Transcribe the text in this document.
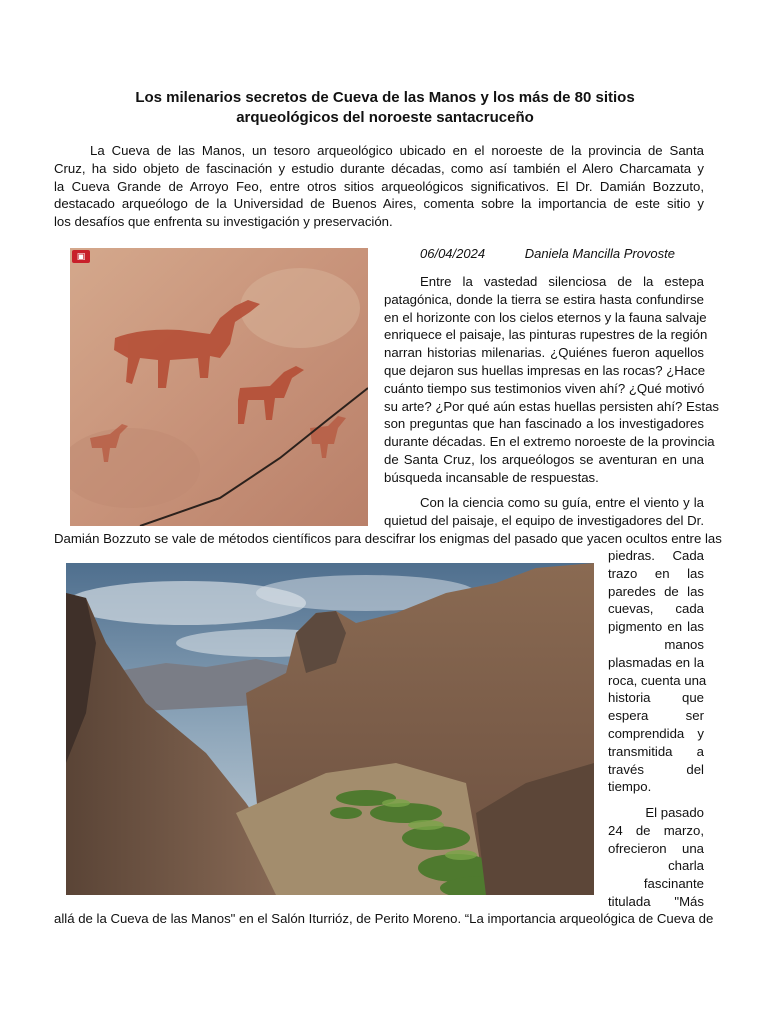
Los milenarios secretos de Cueva de las Manos y los más de 80 sitios
arqueológicos del noroeste santacruceño
La Cueva de las Manos, un tesoro arqueológico ubicado en el noroeste de la provincia de Santa
Cruz, ha sido objeto de fascinación y estudio durante décadas, como así también el Alero Charcamata y
la Cueva Grande de Arroyo Feo, entre otros sitios arqueológicos significativos. El Dr. Damián Bozzuto,
destacado arqueólogo de la Universidad de Buenos Aires, comenta sobre la importancia de este sitio y
los desafíos que enfrenta su investigación y preservación.
▣	06/04/2024	Daniela Mancilla Provoste
Entre la vastedad silenciosa de la estepa
patagónica, donde la tierra se estira hasta confundirse
en el horizonte con los cielos eternos y la fauna salvaje
enriquece el paisaje, las pinturas rupestres de la región
narran historias milenarias. ¿Quiénes fueron aquellos
que dejaron sus huellas impresas en las rocas? ¿Hace
cuánto tiempo sus testimonios viven ahí? ¿Qué motivó
su arte? ¿Por qué aún estas huellas persisten ahí? Estas
son preguntas que han fascinado a los investigadores
durante décadas. En el extremo noroeste de la provincia
de Santa Cruz, los arqueólogos se aventuran en una
búsqueda incansable de respuestas.
Con la ciencia como su guía, entre el viento y la
quietud del paisaje, el equipo de investigadores del Dr.
Damián Bozzuto se vale de métodos científicos para descifrar los enigmas del pasado que yacen ocultos entre las
piedras. Cada
trazo en las
paredes de las
cuevas, cada
pigmento en las
manos
plasmadas en la
roca, cuenta una
historia que
espera ser
comprendida y
transmitida a
través del
tiempo.
El pasado
24 de marzo,
ofrecieron una
charla
fascinante
titulada "Más
allá de la Cueva de las Manos" en el Salón Iturrióz, de Perito Moreno. “La importancia arqueológica de Cueva de
